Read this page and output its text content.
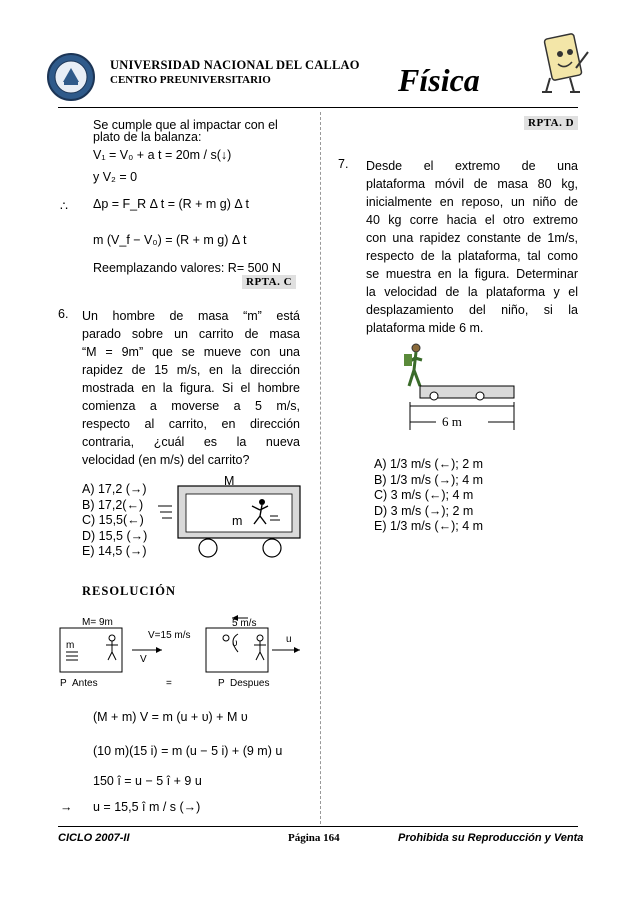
UNIVERSIDAD NACIONAL DEL CALLAO
CENTRO PREUNIVERSITARIO	Física
Se cumple que al impactar con el
plato de la balanza:
V₁ = V₀ + a t = 20m / s(↓)
y V₂ = 0
∴ Δp = F_R Δ t = (R + m g) Δ t
m (V_f − V₀) = (R + m g) Δ t
Reemplazando valores: R= 500 N
RPTA. C
6. Un hombre de masa “m” está
parado sobre un carrito de masa
“M = 9m” que se mueve con una
rapidez de 15 m/s, en la dirección
mostrada en la figura. Si el hombre
comienza a moverse a 5 m/s,
respecto al carrito, en dirección
contraria, ¿cuál es la nueva
velocidad (en m/s) del carrito?
A) 17,2 (→)
B) 17,2(←)
C) 15,5(←)
D) 15,5 (→)
E) 14,5 (→)
M
m
RESOLUCIÓN
M= 9m
m
V=15 m/s
V
5 m/s
u
υ
P Antes	=	P Despues
(M + m) V = m (u + υ) + M υ
(10 m)(15 i) = m (u − 5 i) + (9 m) u
150 î = u − 5 î + 9 u
→ u = 15,5 î m / s (→)
RPTA. D
7. Desde el extremo de una
plataforma móvil de masa 80 kg,
inicialmente en reposo, un niño de
40 kg corre hacia el otro extremo
con una rapidez constante de 1m/s,
respecto de la plataforma, tal como
se muestra en la figura. Determinar
la velocidad de la plataforma y el
desplazamiento del niño, si la
plataforma mide 6 m.
6 m
A) 1/3 m/s (←); 2 m
B) 1/3 m/s (→); 4 m
C) 3 m/s (←); 4 m
D) 3 m/s (→); 2 m
E) 1/3 m/s (←); 4 m
CICLO 2007-II	Página 164	Prohibida su Reproducción y Venta
